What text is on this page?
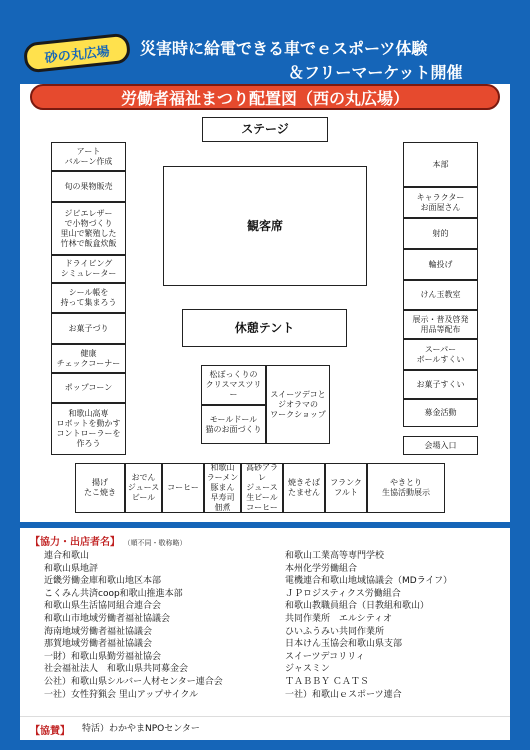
砂の丸広場	災害時に給電できる車でｅスポーツ体験
＆フリーマーケット開催
労働者福祉まつり配置図（西の丸広場）
ステージ
観客席
休憩テント
アート
バルーン作成
旬の果物販売
ジビエレザー
で小物づくり
里山で繁殖した
竹林で飯盒炊飯
ドライビング
シミュレーター
シール帳を
持って集まろう
お菓子づり
健康
チェックコーナー
ポップコーン
和歌山高専
ロボットを動かす
コントローラーを
作ろう
本部
キャラクター
お面屋さん
射的
輪投げ
けん玉教室
展示・普及啓発
用品等配布
スーパー
ボールすくい
お菓子すくい
募金活動
会場入口
松ぼっくりの
クリスマスツリー	スイーツデコと
ジオラマの
ワークショップ
モールドール
猫のお面づくり
揚げ
たこ焼き
おでん
ジュース
ビール
コーヒー
和歌山
ラーメン
豚まん
早寿司
佃煮
高砂アラレ
ジュース
生ビール
コーヒー
焼きそば
たません
フランク
フルト
やきとり
生協活動展示
【協力・出店者名】 （順不同・敬称略）
連合和歌山
和歌山県地評
近畿労働金庫和歌山地区本部
こくみん共済coop和歌山推進本部
和歌山県生活協同組合連合会
和歌山市地域労働者福祉協議会
海南地域労働者福祉協議会
那賀地域労働者福祉協議会
一財）和歌山県勤労福祉協会
社会福祉法人　和歌山県共同募金会
公社）和歌山県シルバー人材センター連合会
一社）女性狩猟会 里山アップサイクル
和歌山工業高等専門学校
本州化学労働組合
電機連合和歌山地域協議会（MDライフ）
ＪＰロジスティクス労働組合
和歌山教職員組合（日教組和歌山）
共同作業所　エルシティオ
ひいふうみい共同作業所
日本けん玉協会和歌山県支部
スイーツデコリリィ
ジャスミン
ＴＡＢＢＹ ＣＡＴＳ
一社）和歌山ｅスポーツ連合
【協賛】 特活）わかやまNPOセンター
